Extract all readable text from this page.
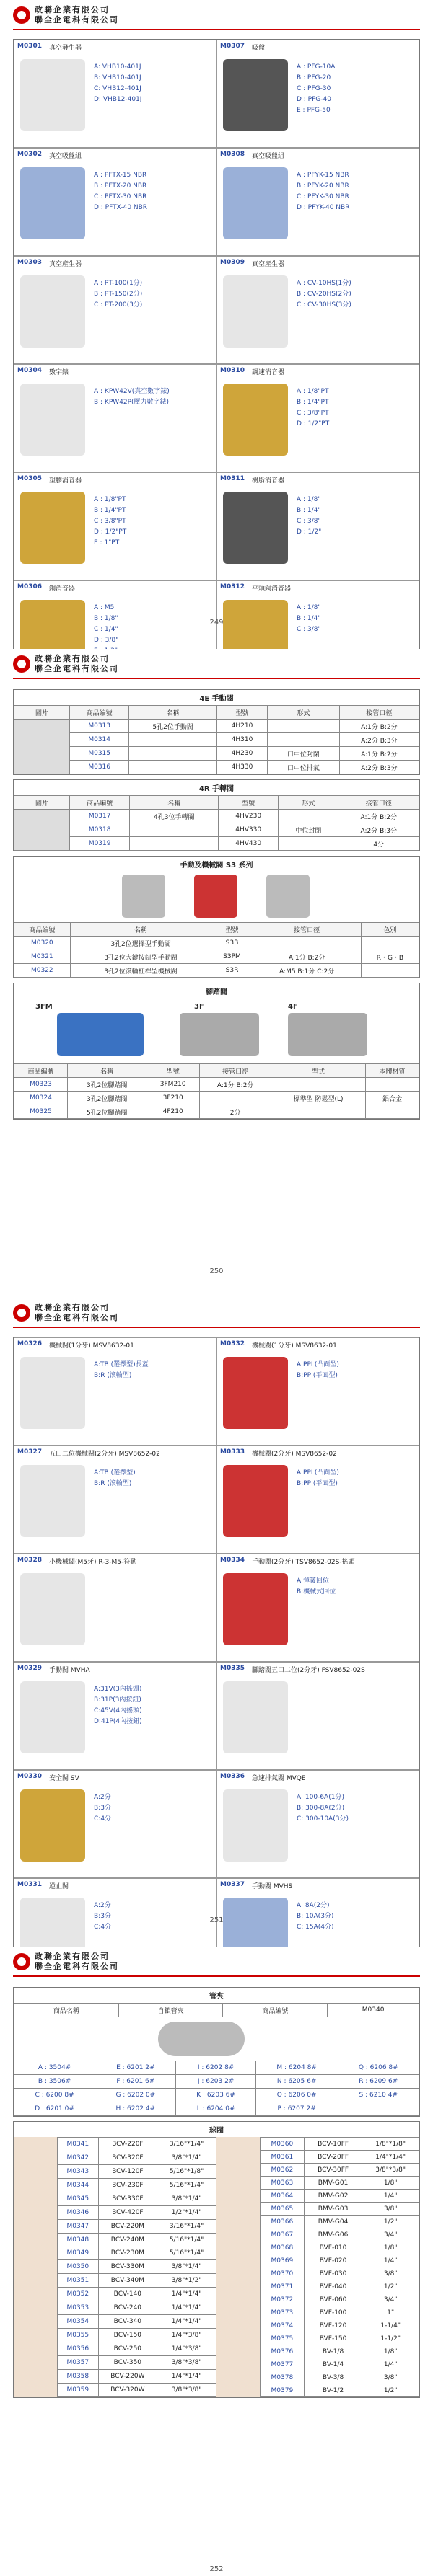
政聯企業有限公司
聯全企電科有限公司
M0301 真空發生器
A: VHB10-401J
B: VHB10-401J
C: VHB12-401J
D: VHB12-401J
M0307 吸盤
A : PFG-10A
B : PFG-20
C : PFG-30
D : PFG-40
E : PFG-50
M0302 真空吸盤組
A : PFTX-15 NBR
B : PFTX-20 NBR
C : PFTX-30 NBR
D : PFTX-40 NBR
M0308 真空吸盤組
A : PFYK-15 NBR
B : PFYK-20 NBR
C : PFYK-30 NBR
D : PFYK-40 NBR
M0303 真空產生器
A : PT-100(1分)
B : PT-150(2分)
C : PT-200(3分)
M0309 真空產生器
A : CV-10HS(1分)
B : CV-20HS(2分)
C : CV-30HS(3分)
M0304 數字錶
A : KPW42V(真空數字錶)
B : KPW42P(壓力數字錶)
M0310 調速消音器
A : 1/8"PT
B : 1/4"PT
C : 3/8"PT
D : 1/2"PT
M0305 塑膠消音器
A : 1/8"PT
B : 1/4"PT
C : 3/8"PT
D : 1/2"PT
E : 1"PT
M0311 樹脂消音器
A : 1/8"
B : 1/4"
C : 3/8"
D : 1/2"
M0306 銅消音器
A : M5
B : 1/8"
C : 1/4"
D : 3/8"
M0312 平頭銅消音器
A : 1/8"
B : 1/4"
C : 3/8"
249
政聯企業有限公司
聯全企電科有限公司
4E 手動閥
圖片	商品編號	名稱	型號	形式	接管口徑
	M0313	5孔2位手動閥	4H210		A:1分 B:2分
	M0314		4H310		A:2分 B:3分
	M0315		4H230	口中位封閉	A:1分 B:2分
	M0316		4H330	口中位排氣	A:2分 B:3分
4R 手轉閥
圖片	商品編號	名稱	型號	形式	接管口徑
	M0317	4孔3位手轉閥	4HV230		A:1分 B:2分
	M0318		4HV330	中位封閉	A:2分 B:3分
	M0319		4HV430		4分
手動及機械閥 S3 系列
商品編號	名稱	型號	接管口徑	色別
M0320	3孔2位選擇型手動閥	S3B		
M0321	3孔2位大鍵按鈕型手動閥	S3PM	A:1分 B:2分	R・G・B
M0322	3孔2位滾輪杠桿型機械閥	S3R	A:M5 B:1分 C:2分	
腳踏閥
3FM	3F	4F
商品編號	名稱	型號	接管口徑	型式	本體材質
M0323	3孔2位腳踏閥	3FM210	A:1分 B:2分		
M0324	3孔2位腳踏閥	3F210		標準型 防鬆型(L)	鋁合金
M0325	5孔2位腳踏閥	4F210	2分		
250
政聯企業有限公司
聯全企電科有限公司
M0326 機械閥(1分牙) MSV8632-01
A:TB (選擇型)長蓋
B:R (滾輪型)
M0332 機械閥(1分牙) MSV8632-01
A:PPL(凸面型)
B:PP (平面型)
M0327 五口二位機械閥(2分牙) MSV8652-02
A:TB (選擇型)
B:R (滾輪型)
M0333 機械閥(2分牙) MSV8652-02
A:PPL(凸面型)
B:PP (平面型)
M0328 小機械閥(M5牙) R-3-M5-符動	M0334 手動閥(2分牙) TSV8652-02S-搖頭
A:彈簧回位
B:機械式回位
M0329 手動閥 MVHA
A:31V(3內搖頭)
B:31P(3內按鈕)
C:45V(4內搖頭)
D:41P(4內按鈕)
M0335 腳踏閥五口二位(2分牙) FSV8652-02S
M0330 安全閥 SV
A:2分
B:3分
C:4分
M0336 急速排氣閥 MVQE
A: 100-6A(1分)
B: 300-8A(2分)
C: 300-10A(3分)
M0331 逆止閥
A:2分
B:3分
C:4分
M0337 手動閥 MVHS
A: 8A(2分)
B: 10A(3分)
C: 15A(4分)
251
政聯企業有限公司
聯全企電科有限公司
管夾
商品名稱	自鎖管夾	商品編號	M0340
A : 3504#	E : 6201 2#	I : 6202 8#	M : 6204 8#	Q : 6206 8#
B : 3506#	F : 6201 6#	J : 6203 2#	N : 6205 6#	R : 6209 6#
C : 6200 8#	G : 6202 0#	K : 6203 6#	O : 6206 0#	S : 6210 4#
D : 6201 0#	H : 6202 4#	L : 6204 0#	P : 6207 2#	
球閥
M0341	BCV-220F	3/16"*1/4"
M0342	BCV-320F	3/8"*1/4"
M0343	BCV-120F	5/16"*1/8"
M0344	BCV-230F	5/16"*1/4"
M0345	BCV-330F	3/8"*1/4"
M0346	BCV-420F	1/2"*1/4"
M0347	BCV-220M	3/16"*1/4"
M0348	BCV-240M	5/16"*1/4"
M0349	BCV-230M	5/16"*1/4"
M0350	BCV-330M	3/8"*1/4"
M0351	BCV-340M	3/8"*1/2"
M0352	BCV-140	1/4"*1/4"
M0353	BCV-240	1/4"*1/4"
M0354	BCV-340	1/4"*1/4"
M0355	BCV-150	1/4"*3/8"
M0356	BCV-250	1/4"*3/8"
M0357	BCV-350	3/8"*3/8"
M0358	BCV-220W	1/4"*1/4"
M0359	BCV-320W	3/8"*3/8"
M0360	BCV-10FF	1/8"*1/8"
M0361	BCV-20FF	1/4"*1/4"
M0362	BCV-30FF	3/8"*3/8"
M0363	BMV-G01	1/8"
M0364	BMV-G02	1/4"
M0365	BMV-G03	3/8"
M0366	BMV-G04	1/2"
M0367	BMV-G06	3/4"
M0368	BVF-010	1/8"
M0369	BVF-020	1/4"
M0370	BVF-030	3/8"
M0371	BVF-040	1/2"
M0372	BVF-060	3/4"
M0373	BVF-100	1"
M0374	BVF-120	1-1/4"
M0375	BVF-150	1-1/2"
M0376	BV-1/8	1/8"
M0377	BV-1/4	1/4"
M0378	BV-3/8	3/8"
M0379	BV-1/2	1/2"
252
